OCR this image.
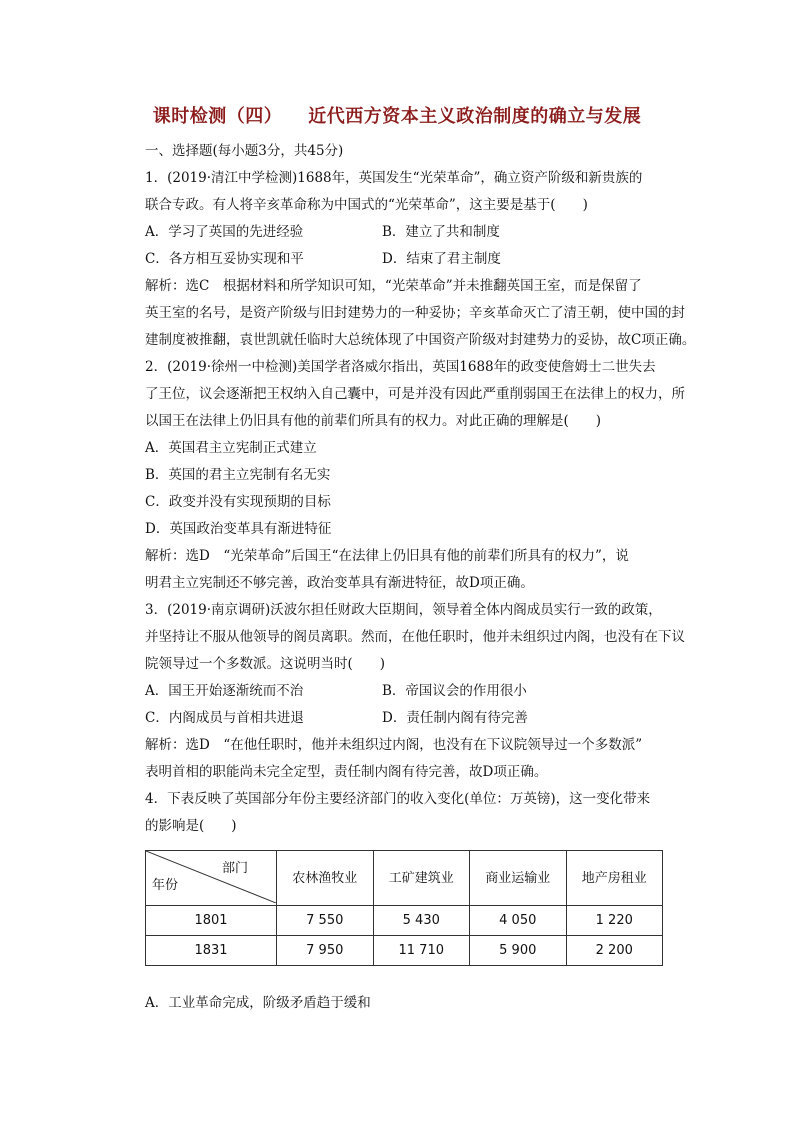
课时检测（四） 近代西方资本主义政治制度的确立与发展
一、选择题(每小题3分，共45分)
1．(2019·清江中学检测)1688年，英国发生“光荣革命”，确立资产阶级和新贵族的
联合专政。有人将辛亥革命称为中国式的“光荣革命”，这主要是基于(　　)
A．学习了英国的先进经验	B．建立了共和制度
C．各方相互妥协实现和平	D．结束了君主制度
解析：选C　根据材料和所学知识可知，“光荣革命”并未推翻英国王室，而是保留了
英王室的名号，是资产阶级与旧封建势力的一种妥协；辛亥革命灭亡了清王朝，使中国的封
建制度被推翻，袁世凯就任临时大总统体现了中国资产阶级对封建势力的妥协，故C项正确。
2．(2019·徐州一中检测)美国学者洛威尔指出，英国1688年的政变使詹姆士二世失去
了王位，议会逐渐把王权纳入自己囊中，可是并没有因此严重削弱国王在法律上的权力，所
以国王在法律上仍旧具有他的前辈们所具有的权力。对此正确的理解是(　　)
A．英国君主立宪制正式建立
B．英国的君主立宪制有名无实
C．政变并没有实现预期的目标
D．英国政治变革具有渐进特征
解析：选D　“光荣革命”后国王“在法律上仍旧具有他的前辈们所具有的权力”，说
明君主立宪制还不够完善，政治变革具有渐进特征，故D项正确。
3．(2019·南京调研)沃波尔担任财政大臣期间，领导着全体内阁成员实行一致的政策，
并坚持让不服从他领导的阁员离职。然而，在他任职时，他并未组织过内阁，也没有在下议
院领导过一个多数派。这说明当时(　　)
A．国王开始逐渐统而不治	B．帝国议会的作用很小
C．内阁成员与首相共进退	D．责任制内阁有待完善
解析：选D　“在他任职时，他并未组织过内阁，也没有在下议院领导过一个多数派”
表明首相的职能尚未完全定型，责任制内阁有待完善，故D项正确。
4．下表反映了英国部分年份主要经济部门的收入变化(单位：万英镑)，这一变化带来
的影响是(　　)
部门
年份	农林渔牧业	工矿建筑业	商业运输业	地产房租业
1801	7 550	5 430	4 050	1 220
1831	7 950	11 710	5 900	2 200
A．工业革命完成，阶级矛盾趋于缓和
